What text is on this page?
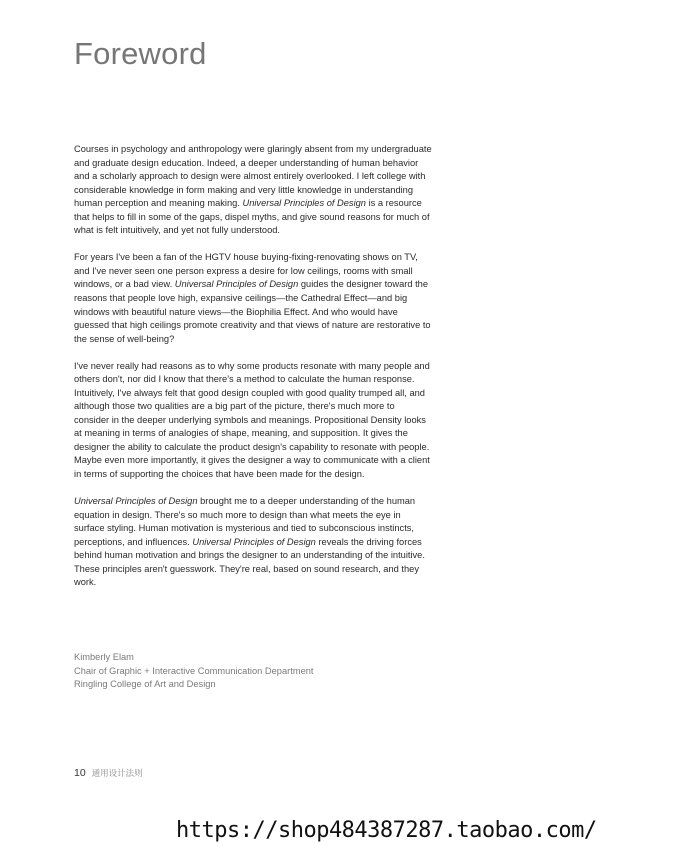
Foreword

Courses in psychology and anthropology were glaringly absent from my undergraduate and graduate design education. Indeed, a deeper understanding of human behavior and a scholarly approach to design were almost entirely overlooked. I left college with considerable knowledge in form making and very little knowledge in understanding human perception and meaning making. Universal Principles of Design is a resource that helps to fill in some of the gaps, dispel myths, and give sound reasons for much of what is felt intuitively, and yet not fully understood.

For years I've been a fan of the HGTV house buying-fixing-renovating shows on TV, and I've never seen one person express a desire for low ceilings, rooms with small windows, or a bad view. Universal Principles of Design guides the designer toward the reasons that people love high, expansive ceilings—the Cathedral Effect—and big windows with beautiful nature views—the Biophilia Effect. And who would have guessed that high ceilings promote creativity and that views of nature are restorative to the sense of well-being?

I've never really had reasons as to why some products resonate with many people and others don't, nor did I know that there's a method to calculate the human response. Intuitively, I've always felt that good design coupled with good quality trumped all, and although those two qualities are a big part of the picture, there's much more to consider in the deeper underlying symbols and meanings. Propositional Density looks at meaning in terms of analogies of shape, meaning, and supposition. It gives the designer the ability to calculate the product design's capability to resonate with people. Maybe even more importantly, it gives the designer a way to communicate with a client in terms of supporting the choices that have been made for the design.

Universal Principles of Design brought me to a deeper understanding of the human equation in design. There's so much more to design than what meets the eye in surface styling. Human motivation is mysterious and tied to subconscious instincts, perceptions, and influences. Universal Principles of Design reveals the driving forces behind human motivation and brings the designer to an understanding of the intuitive. These principles aren't guesswork. They're real, based on sound research, and they work.

Kimberly Elam
Chair of Graphic + Interactive Communication Department
Ringling College of Art and Design
10 通用设计法则
https://shop484387287.taobao.com/
